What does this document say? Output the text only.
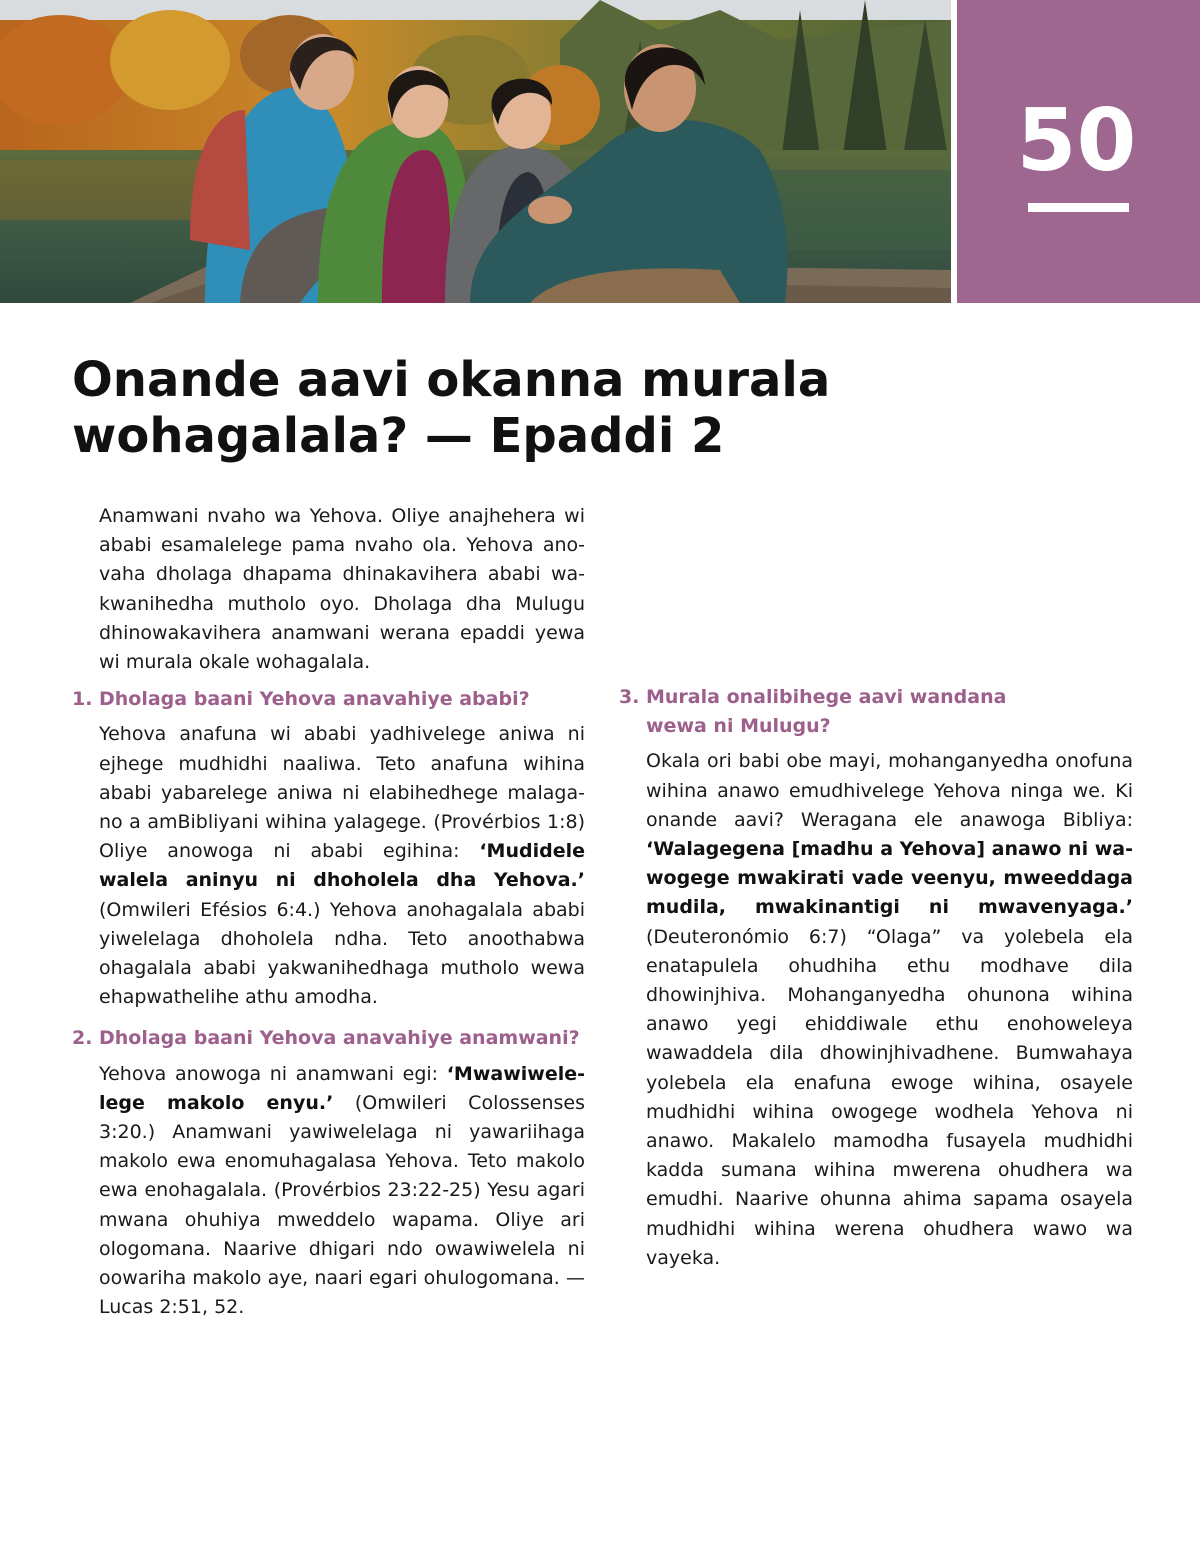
50
Onande aavi okanna murala wohagalala? — Epaddi 2

Anamwani nvaho wa Yehova. Oliye anajhehera wi ababi esamalelege pama nvaho ola. Yehova anovaha dholaga dhapama dhinakavihera ababi wakwanihedha mutholo oyo. Dholaga dha Mulugu dhinowakavihera anamwani werana epaddi yewa wi murala okale wohagalala.

1. Dholaga baani Yehova anavahiye ababi?

Yehova anafuna wi ababi yadhivelege aniwa ni ejhege mudhidhi naaliwa. Teto anafuna wihina ababi yabarelege aniwa ni elabihedhege malagano a amBibliyani wihina yalagege. (Provérbios 1:8) Oliye anowoga ni ababi egihina: ‘Mudidele walela aninyu ni dhoholela dha Yehova.’ (Omwileri Efésios 6:4.) Yehova anohagalala ababi yiwelelaga dhoholela ndha. Teto anoothabwa ohagalala ababi yakwanihedhaga mutholo wewa ehapwathelihe athu amodha.

2. Dholaga baani Yehova anavahiye anamwani?

Yehova anowoga ni anamwani egi: ‘Mwawiwelelege makolo enyu.’ (Omwileri Colossenses 3:20.) Anamwani yawiwelelaga ni yawariihaga makolo ewa enomuhagalasa Yehova. Teto makolo ewa enohagalala. (Provérbios 23:22-25) Yesu agari mwana ohuhiya mweddelo wapama. Oliye ari ologomana. Naarive dhigari ndo owawiwelela ni oowariha makolo aye, naari egari ohulogomana. — Lucas 2:51, 52.

3. Murala onalibihege aavi wandana wewa ni Mulugu?

Okala ori babi obe mayi, mohanganyedha onofuna wihina anawo emudhivelege Yehova ninga we. Ki onande aavi? Weragana ele anawoga Bibliya: ‘Walagegena [madhu a Yehova] anawo ni wawogege mwakirati vade veenyu, mweeddaga mudila, mwakinantigi ni mwavenyaga.’ (Deuteronómio 6:7) “Olaga” va yolebela ela enatapulela ohudhiha ethu modhave dila dhowinjhiva. Mohanganyedha ohunona wihina anawo yegi ehiddiwale ethu enohoweleya wawaddela dila dhowinjhivadhene. Bumwahaya yolebela ela enafuna ewoge wihina, osayele mudhidhi wihina owogege wodhela Yehova ni anawo. Makalelo mamodha fusayela mudhidhi kadda sumana wihina mwerena ohudhera wa emudhi. Naarive ohunna ahima sapama osayela mudhidhi wihina werena ohudhera wawo wa vayeka.
